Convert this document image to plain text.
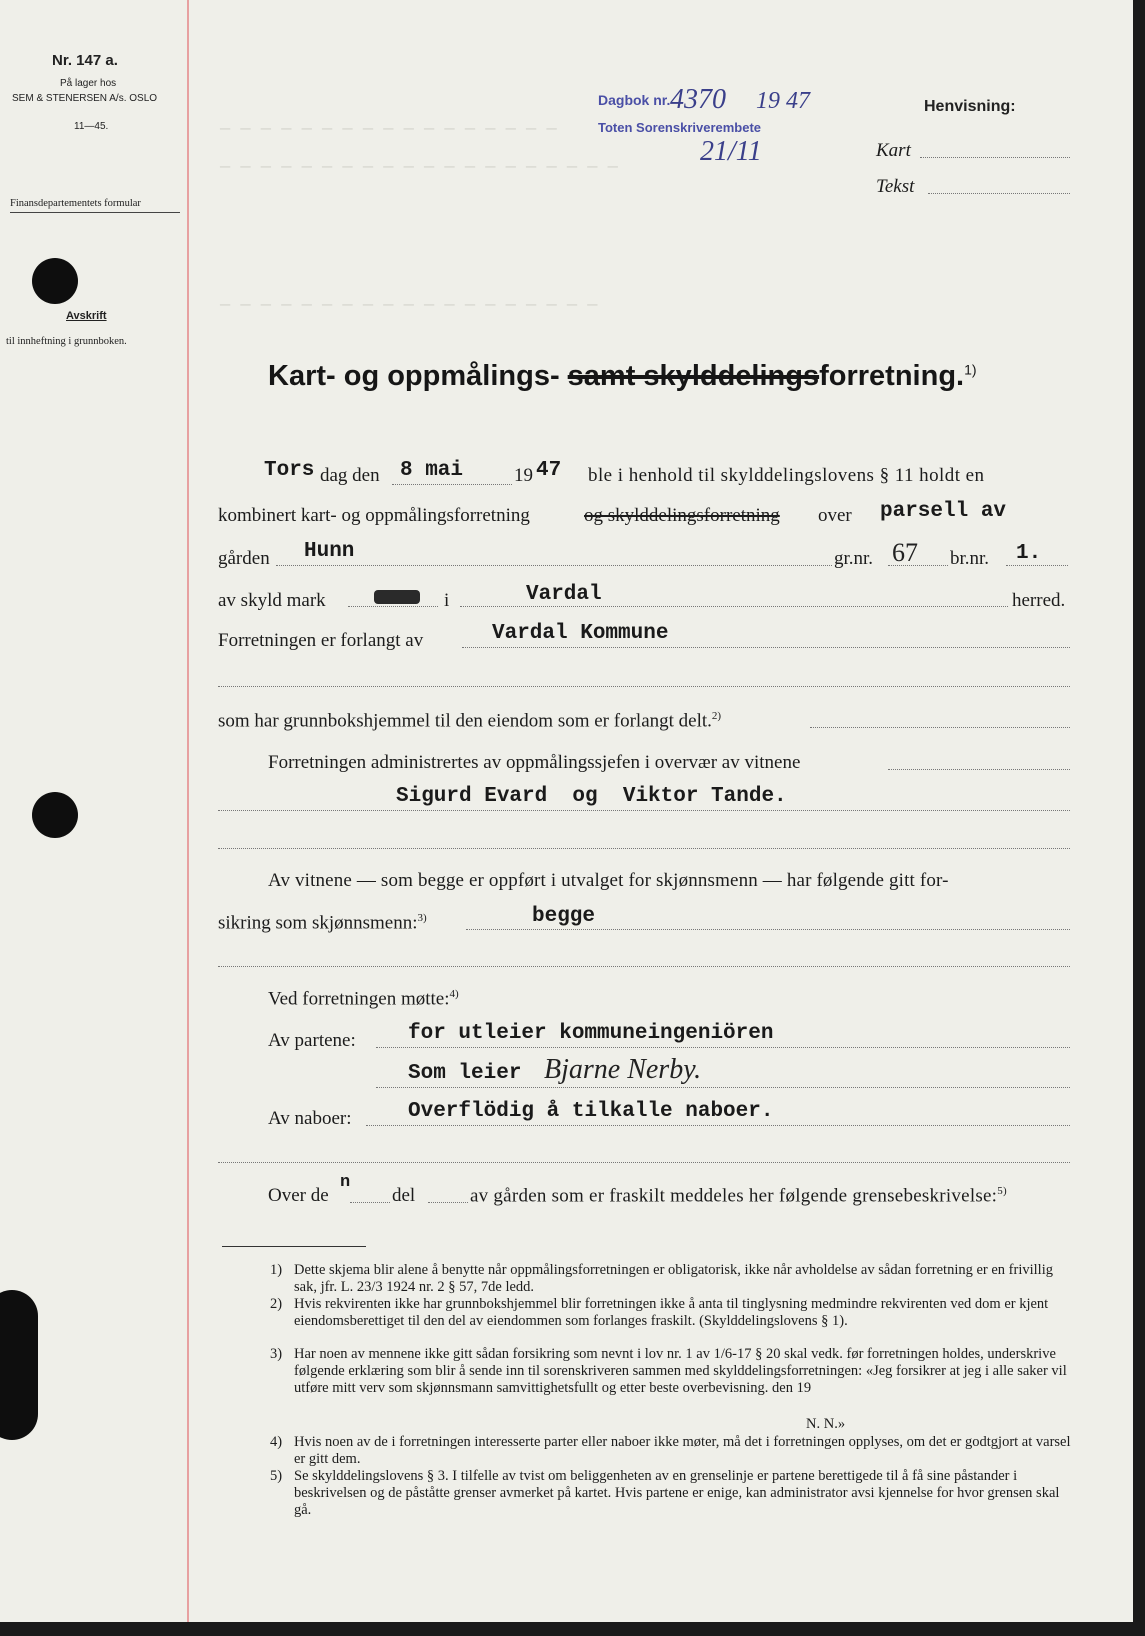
— — — — — — — — — — — — — — — — —
— — — — — — — — — — — — — — — — — — — —
— — — — — — — — — — — — — — — — — — —
Nr. 147 a.
På lager hos
SEM & STENERSEN A/s. OSLO
11—45.
Finansdepartementets formular
Avskrift
til innheftning i grunnboken.
Dagbok nr. 4370 19 47
Toten Sorenskriverembete
21/11
Henvisning:
Kart
Tekst
Kart- og oppmålings- samt skylddelingsforretning.$^{1)}$
Tors dag den 8 mai	19 47 ble i henhold til skylddelingslovens § 11 holdt en
kombinert kart- og oppmålingsforretning	og skylddelingsforretning over parsell av
gården Hunn	gr.nr. 67 br.nr. 1.
av skyld mark	i	Vardal	herred.
Forretningen er forlangt av	Vardal Kommune
som har grunnbokshjemmel til den eiendom som er forlangt delt.$^{2)}$
Forretningen administrertes av oppmålingssjefen i overvær av vitnene
Sigurd Evard  og  Viktor Tande.
Av vitnene — som begge er oppført i utvalget for skjønnsmenn — har følgende gitt for-
sikring som skjønnsmenn:$^{3)}$	begge
Ved forretningen møtte:$^{4)}$
Av partene: for utleier kommuneingeniören
Som leier Bjarne Nerby.
Av naboer:	Overflödig å tilkalle naboer.
Over de
n
del	av gården som er fraskilt meddeles her følgende grensebeskrivelse:$^{5)}$
1) Dette skjema blir alene å benytte når oppmålingsforretningen er obligatorisk, ikke når avholdelse av sådan forretning er en frivillig sak, jfr. L. 23/3 1924 nr. 2 § 57, 7de ledd.
2) Hvis rekvirenten ikke har grunnbokshjemmel blir forretningen ikke å anta til tinglysning medmindre rekvirenten ved dom er kjent eiendomsberettiget til den del av eiendommen som forlanges fraskilt. (Skylddelingslovens § 1).
3) Har noen av mennene ikke gitt sådan forsikring som nevnt i lov nr. 1 av 1/6-17 § 20 skal vedk. før forretningen holdes, underskrive følgende erklæring som blir å sende inn til sorenskriveren sammen med skylddelingsforretningen: «Jeg forsikrer at jeg i alle saker vil utføre mitt verv som skjønnsmann samvittighetsfullt og etter beste overbevisning. den 19
N. N.»
4) Hvis noen av de i forretningen interesserte parter eller naboer ikke møter, må det i forretningen opplyses, om det er godtgjort at varsel er gitt dem.
5) Se skylddelingslovens § 3. I tilfelle av tvist om beliggenheten av en grenselinje er partene berettigede til å få sine påstander i beskrivelsen og de påståtte grenser avmerket på kartet. Hvis partene er enige, kan administrator avsi kjennelse for hvor grensen skal gå.
